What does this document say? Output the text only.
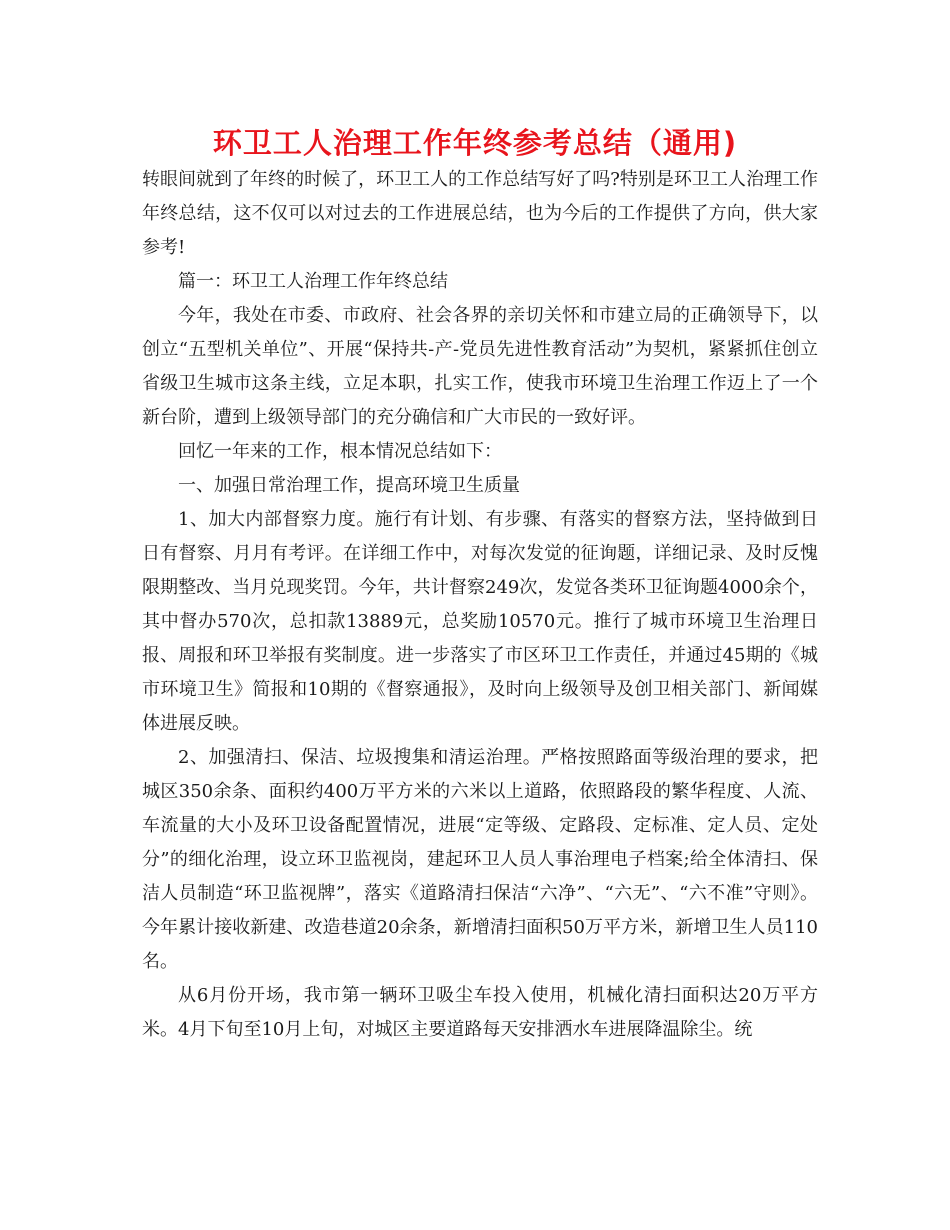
环卫工人治理工作年终参考总结（通用)

转眼间就到了年终的时候了，环卫工人的工作总结写好了吗?特别是环卫工人治理工作年终总结，这不仅可以对过去的工作进展总结，也为今后的工作提供了方向，供大家参考!

篇一：环卫工人治理工作年终总结

今年，我处在市委、市政府、社会各界的亲切关怀和市建立局的正确领导下，以创立“五型机关单位”、开展“保持共-产-党员先进性教育活动”为契机，紧紧抓住创立省级卫生城市这条主线，立足本职，扎实工作，使我市环境卫生治理工作迈上了一个新台阶，遭到上级领导部门的充分确信和广大市民的一致好评。

回忆一年来的工作，根本情况总结如下：

一、加强日常治理工作，提高环境卫生质量

1、加大内部督察力度。施行有计划、有步骤、有落实的督察方法，坚持做到日日有督察、月月有考评。在详细工作中，对每次发觉的征询题，详细记录、及时反愧限期整改、当月兑现奖罚。今年，共计督察249次，发觉各类环卫征询题4000余个，其中督办570次，总扣款13889元，总奖励10570元。推行了城市环境卫生治理日报、周报和环卫举报有奖制度。进一步落实了市区环卫工作责任，并通过45期的《城市环境卫生》简报和10期的《督察通报》，及时向上级领导及创卫相关部门、新闻媒体进展反映。

2、加强清扫、保洁、垃圾搜集和清运治理。严格按照路面等级治理的要求，把城区350余条、面积约400万平方米的六米以上道路，依照路段的繁华程度、人流、车流量的大小及环卫设备配置情况，进展“定等级、定路段、定标准、定人员、定处分”的细化治理，设立环卫监视岗，建起环卫人员人事治理电子档案;给全体清扫、保洁人员制造“环卫监视牌”，落实《道路清扫保洁“六净”、“六无”、“六不准”守则》。今年累计接收新建、改造巷道20余条，新增清扫面积50万平方米，新增卫生人员110名。

从6月份开场，我市第一辆环卫吸尘车投入使用，机械化清扫面积达20万平方米。4月下旬至10月上旬，对城区主要道路每天安排洒水车进展降温除尘。统
